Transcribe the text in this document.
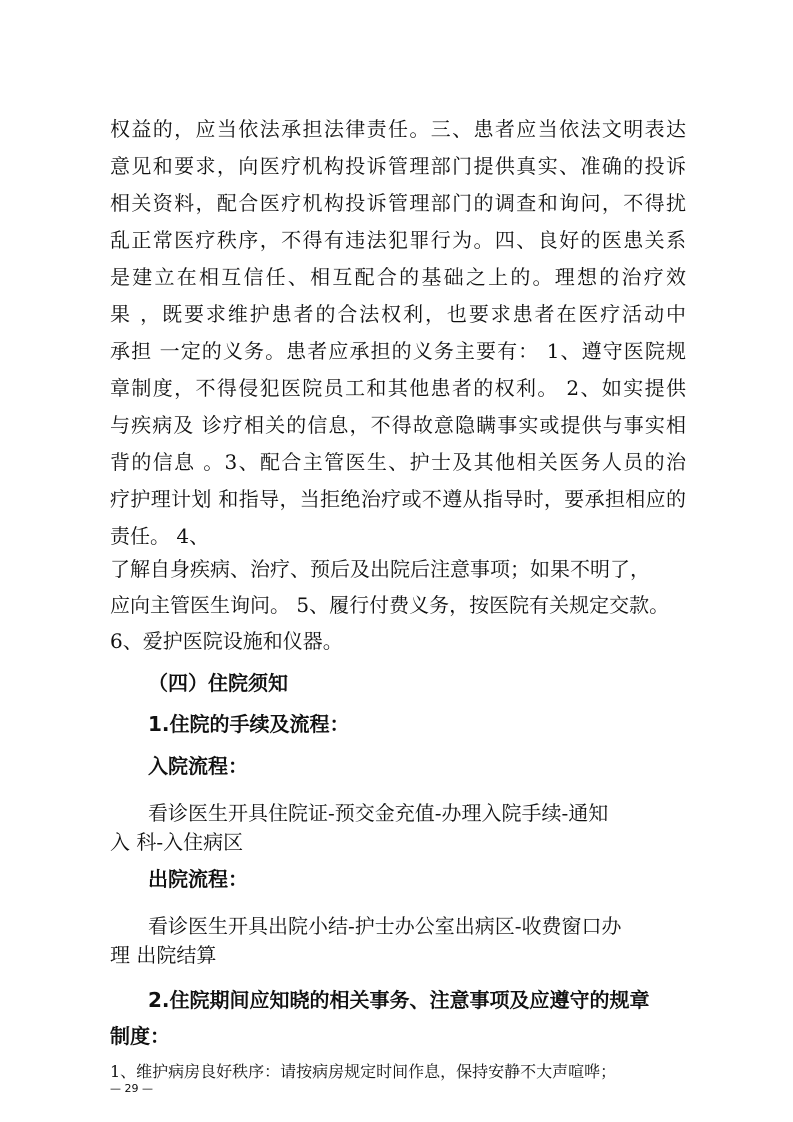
权益的，应当依法承担法律责任。三、患者应当依法文明表达
意见和要求，向医疗机构投诉管理部门提供真实、准确的投诉
相关资料，配合医疗机构投诉管理部门的调查和询问，不得扰
乱正常医疗秩序，不得有违法犯罪行为。四、良好的医患关系
是建立在相互信任、相互配合的基础之上的。理想的治疗效
果 ，既要求维护患者的合法权利，也要求患者在医疗活动中
承担 一定的义务。患者应承担的义务主要有： 1、遵守医院规
章制度，不得侵犯医院员工和其他患者的权利。 2、如实提供
与疾病及 诊疗相关的信息，不得故意隐瞒事实或提供与事实相
背的信息 。3、配合主管医生、护士及其他相关医务人员的治
疗护理计划 和指导，当拒绝治疗或不遵从指导时，要承担相应的
责任。 4、
了解自身疾病、治疗、预后及出院后注意事项；如果不明了，
应向主管医生询问。 5、履行付费义务，按医院有关规定交款。
6、爱护医院设施和仪器。
（四）住院须知
1.住院的手续及流程：
入院流程：
看诊医生开具住院证-预交金充值-办理入院手续-通知
入 科-入住病区
出院流程：
看诊医生开具出院小结-护士办公室出病区-收费窗口办
理 出院结算
2.住院期间应知晓的相关事务、注意事项及应遵守的规章
制度：
1、维护病房良好秩序：请按病房规定时间作息，保持安静不大声喧哗；
— 29 —
